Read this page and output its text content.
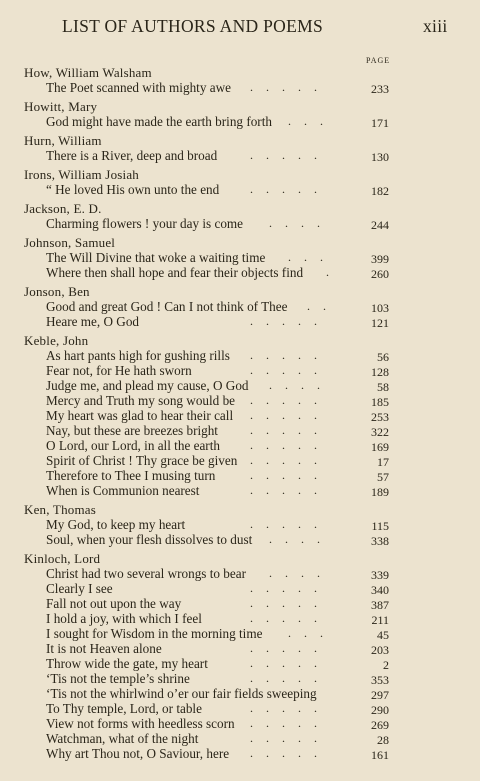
LIST OF AUTHORS AND POEMS	xiii
PAGE
How, William Walsham
The Poet scanned with mighty awe .....	233
Howitt, Mary
God might have made the earth bring forth ...	171
Hurn, William
There is a River, deep and broad	.....	130
Irons, William Josiah
“ He loved His own unto the end	.....	182
Jackson, E. D.
Charming flowers ! your day is come ....	244
Johnson, Samuel
The Will Divine that woke a waiting time ...	399
Where then shall hope and fear their objects find .	260
Jonson, Ben
Good and great God ! Can I not think of Thee ..	103
Heare me, O God	.....	121
Keble, John
As hart pants high for gushing rills .....	56
Fear not, for He hath sworn	.....	128
Judge me, and plead my cause, O God ....	58
Mercy and Truth my song would be .....	185
My heart was glad to hear their call .....	253
Nay, but these are breezes bright	.....	322
O Lord, our Lord, in all the earth	.....	169
Spirit of Christ ! Thy grace be given .....	17
Therefore to Thee I musing turn	.....	57
When is Communion nearest	.....	189
Ken, Thomas
My God, to keep my heart	.....	115
Soul, when your flesh dissolves to dust ....	338
Kinloch, Lord
Christ had two several wrongs to bear ....	339
Clearly I see	.....	340
Fall not out upon the way	.....	387
I hold a joy, with which I feel	.....	211
I sought for Wisdom in the morning time ...	45
It is not Heaven alone	.....	203
Throw wide the gate, my heart	.....	2
‘Tis not the temple’s shrine	.....	353
‘Tis not the whirlwind o’er our fair fields sweeping	297
To Thy temple, Lord, or table	.....	290
View not forms with heedless scorn .....	269
Watchman, what of the night	.....	28
Why art Thou not, O Saviour, here .....	161
